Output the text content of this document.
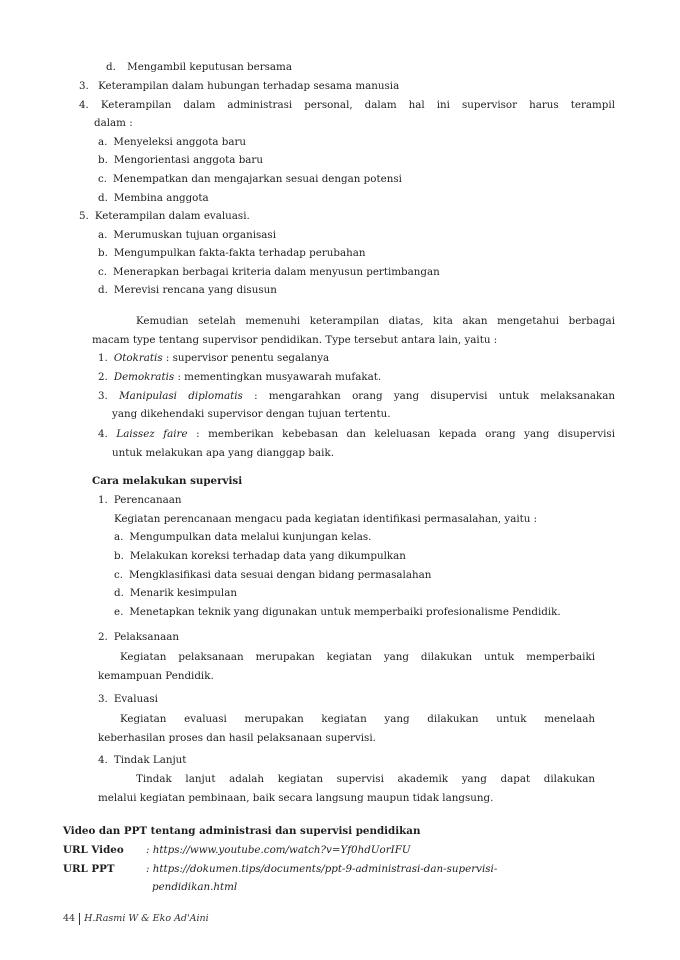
d. Mengambil keputusan bersama
3. Keterampilan dalam hubungan terhadap sesama manusia
4. Keterampilan dalam administrasi personal, dalam hal ini supervisor harus terampil
dalam :
a. Menyeleksi anggota baru
b. Mengorientasi anggota baru
c. Menempatkan dan mengajarkan sesuai dengan potensi
d. Membina anggota
5. Keterampilan dalam evaluasi.
a. Merumuskan tujuan organisasi
b. Mengumpulkan fakta-fakta terhadap perubahan
c. Menerapkan berbagai kriteria dalam menyusun pertimbangan
d. Merevisi rencana yang disusun
Kemudian setelah memenuhi keterampilan diatas, kita akan mengetahui berbagai
macam type tentang supervisor pendidikan. Type tersebut antara lain, yaitu :
1. Otokratis : supervisor penentu segalanya
2. Demokratis : mementingkan musyawarah mufakat.
3. Manipulasi diplomatis : mengarahkan orang yang disupervisi untuk melaksanakan
yang dikehendaki supervisor dengan tujuan tertentu.
4. Laissez faire : memberikan kebebasan dan keleluasan kepada orang yang disupervisi
untuk melakukan apa yang dianggap baik.
Cara melakukan supervisi
1. Perencanaan
Kegiatan perencanaan mengacu pada kegiatan identifikasi permasalahan, yaitu :
a. Mengumpulkan data melalui kunjungan kelas.
b. Melakukan koreksi terhadap data yang dikumpulkan
c. Mengklasifikasi data sesuai dengan bidang permasalahan
d. Menarik kesimpulan
e. Menetapkan teknik yang digunakan untuk memperbaiki profesionalisme Pendidik.
2. Pelaksanaan
Kegiatan pelaksanaan merupakan kegiatan yang dilakukan untuk memperbaiki
kemampuan Pendidik.
3. Evaluasi
Kegiatan evaluasi merupakan kegiatan yang dilakukan untuk menelaah
keberhasilan proses dan hasil pelaksanaan supervisi.
4. Tindak Lanjut
Tindak lanjut adalah kegiatan supervisi akademik yang dapat dilakukan
melalui kegiatan pembinaan, baik secara langsung maupun tidak langsung.
Video dan PPT tentang administrasi dan supervisi pendidikan
URL Video : https://www.youtube.com/watch?v=Yf0hdUorIFU
URL PPT	: https://dokumen.tips/documents/ppt-9-administrasi-dan-supervisi-
pendidikan.html
44 H.Rasmi W & Eko Ad'Aini
